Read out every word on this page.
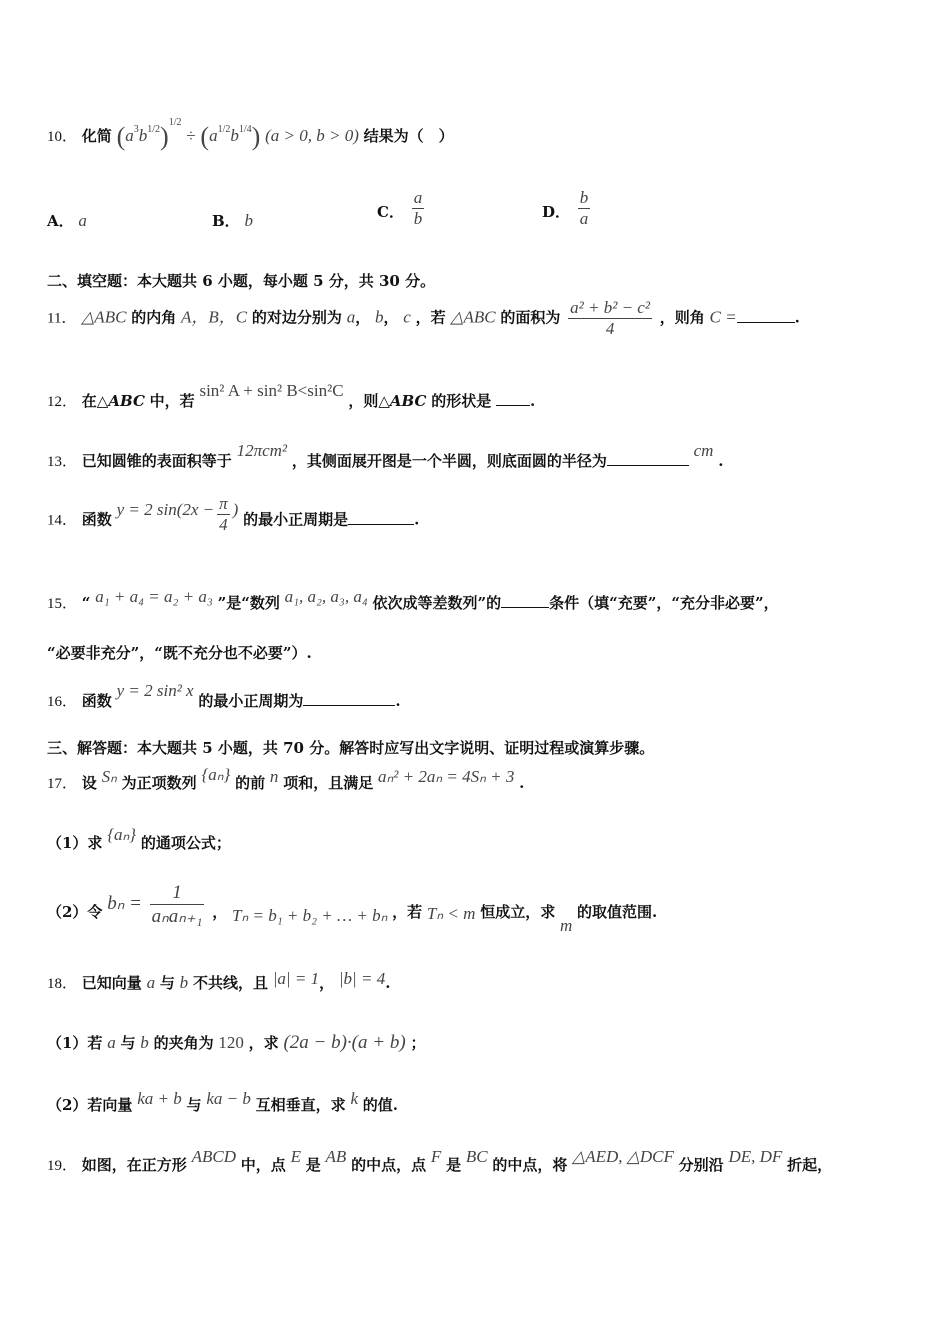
10． 化简 $(a^3b^{1/2})^{1/2} \div (a^{1/2}b^{1/4}) (a > 0$, b > 0) 结果为（　）
A． a	B． b	C． $\frac{a}{b}$	D． $\frac{b}{a}$
二、填空题：本大题共 6 小题，每小题 5 分，共 30 分。
11． △ABC 的内角 A，B，C 的对边分别为 a， b， c ，若 △ABC 的面积为 $\frac{\text{a² + b² − c²}}{4}$ ，则角 C =	.
12． 在△ABC 中，若 sin² A + sin² B<sin²C ，则△ABC 的形状是	.
13． 已知圆锥的表面积等于 12πcm² ，其侧面展开图是一个半圆，则底面圆的半径为 cm .
14． 函数 y = 2 $\sin(2x - \frac{\pi}{4}$ ) 的最小正周期是	.
15． “ a₁ + a₄ = a₂ + a₃ ”是“数列 a₁, a₂, a₃, a₄ 依次成等差数列”的	条件（填“充要”，“充分非必要”，
“必要非充分”，“既不充分也不必要”）.
16． 函数 y = 2 sin² x 的最小正周期为	.
三、解答题：本大题共 5 小题，共 70 分。解答时应写出文字说明、证明过程或演算步骤。
17． 设 Sₙ 为正项数列 {aₙ} 的前 n 项和，且满足 aₙ² + 2aₙ = 4Sₙ + 3 .
（1）求 {aₙ} 的通项公式；
（2）令 $b_n = \frac{1}{\text{aₙaₙ₊₁}}$ ， Tₙ = b₁ + b₂ + … + bₙ ，若 Tₙ < m 恒成立，求 m 的取值范围.
18． 已知向量 a 与 b 不共线，且 |a| = 1， |b| = 4.
（1）若 a 与 b 的夹角为 120 ，求 (2a − b)·(a + b) ；
（2）若向量 ka + b 与 ka − b 互相垂直，求 k 的值.
19． 如图，在正方形 ABCD 中，点 E 是 AB 的中点，点 F 是 BC 的中点，将 △AED, △DCF 分别沿 DE, DF 折起，
